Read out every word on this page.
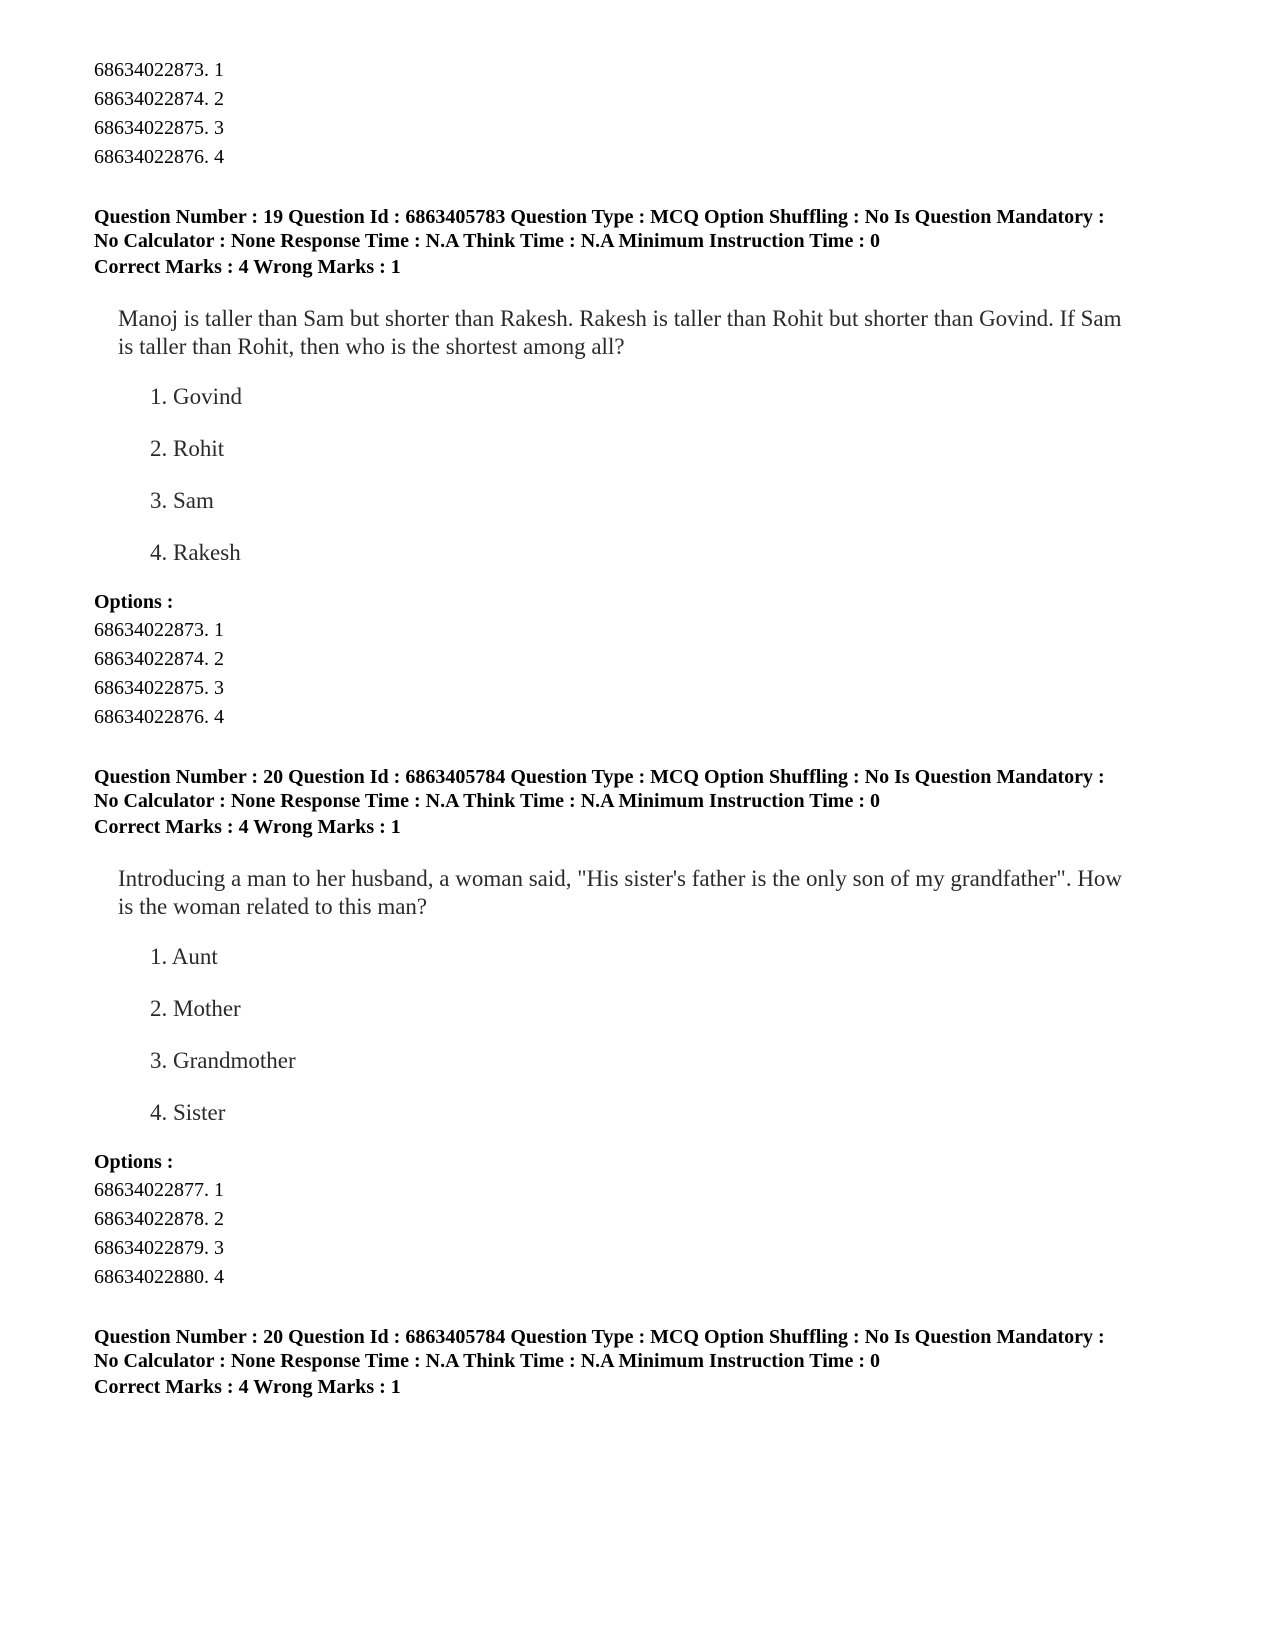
68634022873. 1
68634022874. 2
68634022875. 3
68634022876. 4
Question Number : 19 Question Id : 6863405783 Question Type : MCQ Option Shuffling : No Is Question Mandatory :
No Calculator : None Response Time : N.A Think Time : N.A Minimum Instruction Time : 0
Correct Marks : 4 Wrong Marks : 1
Manoj is taller than Sam but shorter than Rakesh. Rakesh is taller than Rohit but shorter than Govind. If Sam
is taller than Rohit, then who is the shortest among all?
1. Govind
2. Rohit
3. Sam
4. Rakesh
Options :
68634022873. 1
68634022874. 2
68634022875. 3
68634022876. 4
Question Number : 20 Question Id : 6863405784 Question Type : MCQ Option Shuffling : No Is Question Mandatory :
No Calculator : None Response Time : N.A Think Time : N.A Minimum Instruction Time : 0
Correct Marks : 4 Wrong Marks : 1
Introducing a man to her husband, a woman said, "His sister's father is the only son of my grandfather". How
is the woman related to this man?
1. Aunt
2. Mother
3. Grandmother
4. Sister
Options :
68634022877. 1
68634022878. 2
68634022879. 3
68634022880. 4
Question Number : 20 Question Id : 6863405784 Question Type : MCQ Option Shuffling : No Is Question Mandatory :
No Calculator : None Response Time : N.A Think Time : N.A Minimum Instruction Time : 0
Correct Marks : 4 Wrong Marks : 1
